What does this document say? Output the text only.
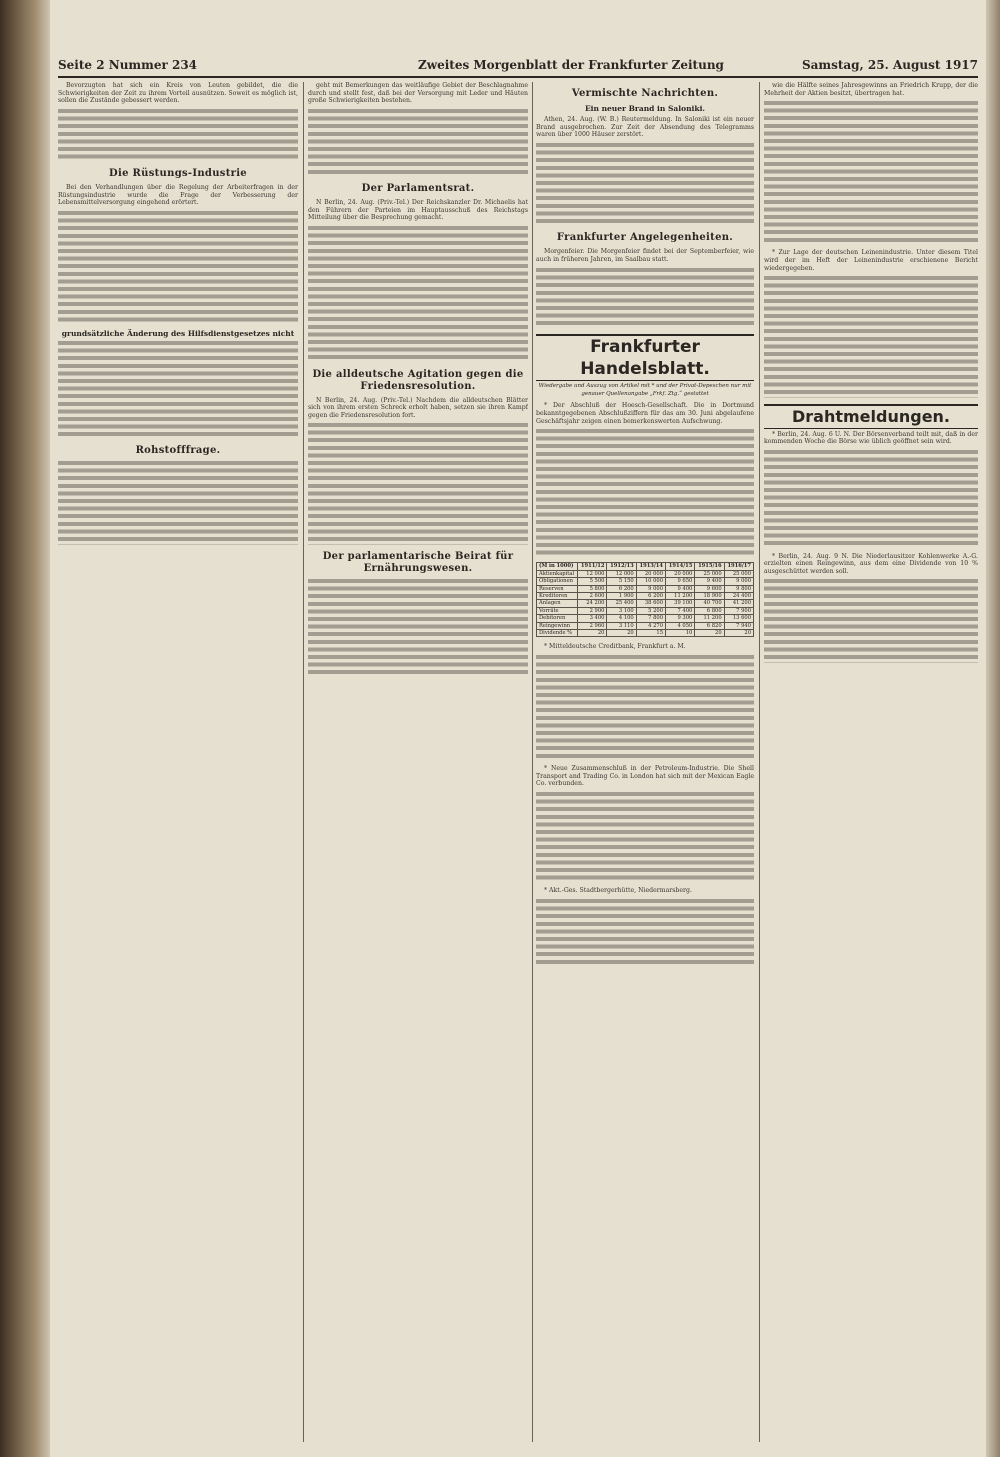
Seite 2 Nummer 234	Zweites Morgenblatt der Frankfurter Zeitung	Samstag, 25. August 1917

Bevorzugten hat sich ein Kreis von Leuten gebildet, die die Schwierigkeiten der Zeit zu ihrem Vorteil ausnützen. Soweit es möglich ist, sollen die Zustände gebessert werden.

Die Rüstungs-Industrie

Bei den Verhandlungen über die Regelung der Arbeiterfragen in der Rüstungsindustrie wurde die Frage der Verbesserung der Lebensmittelversorgung eingehend erörtert.

grundsätzliche Änderung des Hilfsdienstgesetzes nicht
Rohstofffrage.

geht mit Bemerkungen das weitläufige Gebiet der Beschlagnahme durch und stellt fest, daß bei der Versorgung mit Leder und Häuten große Schwierigkeiten bestehen.

Der Parlamentsrat.

N Berlin, 24. Aug. (Priv.-Tel.) Der Reichskanzler Dr. Michaelis hat den Führern der Parteien im Hauptausschuß des Reichstags Mitteilung über die Besprechung gemacht.

Die alldeutsche Agitation gegen die Friedensresolution.

N Berlin, 24. Aug. (Priv.-Tel.) Nachdem die alldeutschen Blätter sich von ihrem ersten Schreck erholt haben, setzen sie ihren Kampf gegen die Friedensresolution fort.

Der parlamentarische Beirat für Ernährungswesen.
Vermischte Nachrichten.
Ein neuer Brand in Saloniki.

Athen, 24. Aug. (W. B.) Reutermeldung. In Saloniki ist ein neuer Brand ausgebrochen. Zur Zeit der Absendung des Telegramms waren über 1000 Häuser zerstört.

Frankfurter Angelegenheiten.

Morgenfeier. Die Morgenfeier findet bei der Septemberfeier, wie auch in früheren Jahren, im Saalbau statt.

Frankfurter Handelsblatt.
Wiedergabe und Auszug von Artikel mit * und der Privat-Depeschen nur mit genauer Quellenangabe „Frkf. Ztg.“ gestattet

* Der Abschluß der Hoesch-Gesellschaft. Die in Dortmund bekanntgegebenen Abschlußziffern für das am 30. Juni abgelaufene Geschäftsjahr zeigen einen bemerkenswerten Aufschwung.

(M in 1000)	1911/12	1912/13	1913/14	1914/15	1915/16	1916/17
Aktienkapital	12 000	12 000	20 000	20 000	25 000	25 000
Obligationen	5 500	5 150	10 000	9 650	9 400	9 000
Reserven	5 800	6 200	9 000	9 400	9 600	9 800
Kreditoren	2 600	1 900	6 200	11 200	18 900	24 400
Anlagen	24 200	25 400	38 600	39 100	40 700	41 200
Vorräte	2 900	3 100	5 200	7 400	6 800	7 900
Debitoren	3 400	4 100	7 800	9 300	11 200	13 600
Reingewinn	2 960	3 110	4 270	4 050	6 820	7 940
Dividende %	20	20	15	10	20	20

* Mitteldeutsche Creditbank, Frankfurt a. M.

* Neue Zusammenschluß in der Petroleum-Industrie. Die Shell Transport and Trading Co. in London hat sich mit der Mexican Eagle Co. verbunden.

* Akt.-Ges. Stadtbergerhütte, Niedermarsberg.

wie die Hälfte seines Jahresgewinns an Friedrich Krupp, der die Mehrheit der Aktien besitzt, übertragen hat.

* Zur Lage der deutschen Leinenindustrie. Unter diesem Titel wird der im Heft der Leinenindustrie erschienene Bericht wiedergegeben.

Drahtmeldungen.

* Berlin, 24. Aug. 6 U. N. Der Börsenverband teilt mit, daß in der kommenden Woche die Börse wie üblich geöffnet sein wird.

* Berlin, 24. Aug. 9 N. Die Niederlausitzer Kohlenwerke A.-G. erzielten einen Reingewinn, aus dem eine Dividende von 10 % ausgeschüttet werden soll.
